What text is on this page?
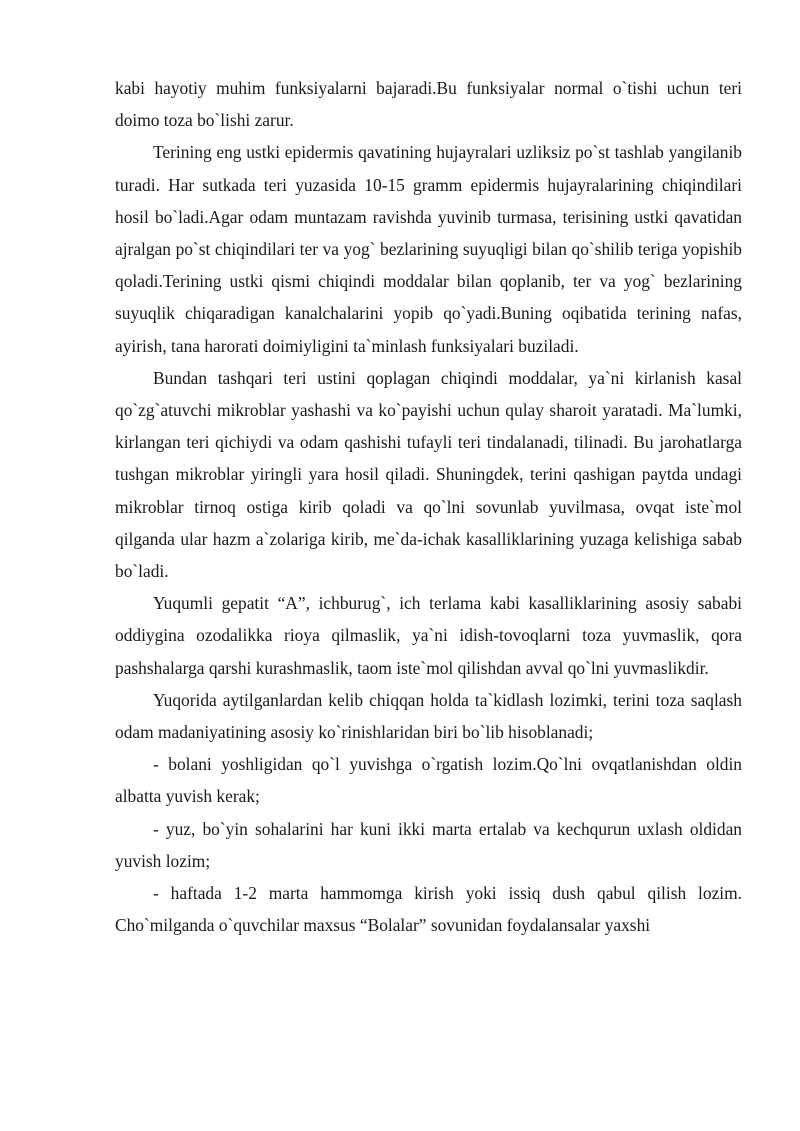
kabi hayotiy muhim funksiyalarni bajaradi.Bu funksiyalar normal o`tishi uchun teri doimo toza bo`lishi zarur.

Terining eng ustki epidermis qavatining hujayralari uzliksiz po`st tashlab yangilanib turadi. Har sutkada teri yuzasida 10-15 gramm epidermis hujayralarining chiqindilari hosil bo`ladi.Agar odam muntazam ravishda yuvinib turmasa, terisining ustki qavatidan ajralgan po`st chiqindilari ter va yog` bezlarining suyuqligi bilan qo`shilib teriga yopishib qoladi.Terining ustki qismi chiqindi moddalar bilan qoplanib, ter va yog` bezlarining suyuqlik chiqaradigan kanalchalarini yopib qo`yadi.Buning oqibatida terining nafas, ayirish, tana harorati doimiyligini ta`minlash funksiyalari buziladi.

Bundan tashqari teri ustini qoplagan chiqindi moddalar, ya`ni kirlanish kasal qo`zg`atuvchi mikroblar yashashi va ko`payishi uchun qulay sharoit yaratadi. Ma`lumki, kirlangan teri qichiydi va odam qashishi tufayli teri tindalanadi, tilinadi. Bu jarohatlarga tushgan mikroblar yiringli yara hosil qiladi. Shuningdek, terini qashigan paytda undagi mikroblar tirnoq ostiga kirib qoladi va qo`lni sovunlab yuvilmasa, ovqat iste`mol qilganda ular hazm a`zolariga kirib, me`da-ichak kasalliklarining yuzaga kelishiga sabab bo`ladi.

Yuqumli gepatit “A”, ichburug`, ich terlama kabi kasalliklarining asosiy sababi oddiygina ozodalikka rioya qilmaslik, ya`ni idish-tovoqlarni toza yuvmaslik, qora pashshalarga qarshi kurashmaslik, taom iste`mol qilishdan avval qo`lni yuvmaslikdir.

Yuqorida aytilganlardan kelib chiqqan holda ta`kidlash lozimki, terini toza saqlash odam madaniyatining asosiy ko`rinishlaridan biri bo`lib hisoblanadi;

- bolani yoshligidan qo`l yuvishga o`rgatish lozim.Qo`lni ovqatlanishdan oldin albatta yuvish kerak;

- yuz, bo`yin sohalarini har kuni ikki marta ertalab va kechqurun uxlash oldidan yuvish lozim;

- haftada 1-2 marta hammomga kirish yoki issiq dush qabul qilish lozim. Cho`milganda o`quvchilar maxsus “Bolalar” sovunidan foydalansalar yaxshi
